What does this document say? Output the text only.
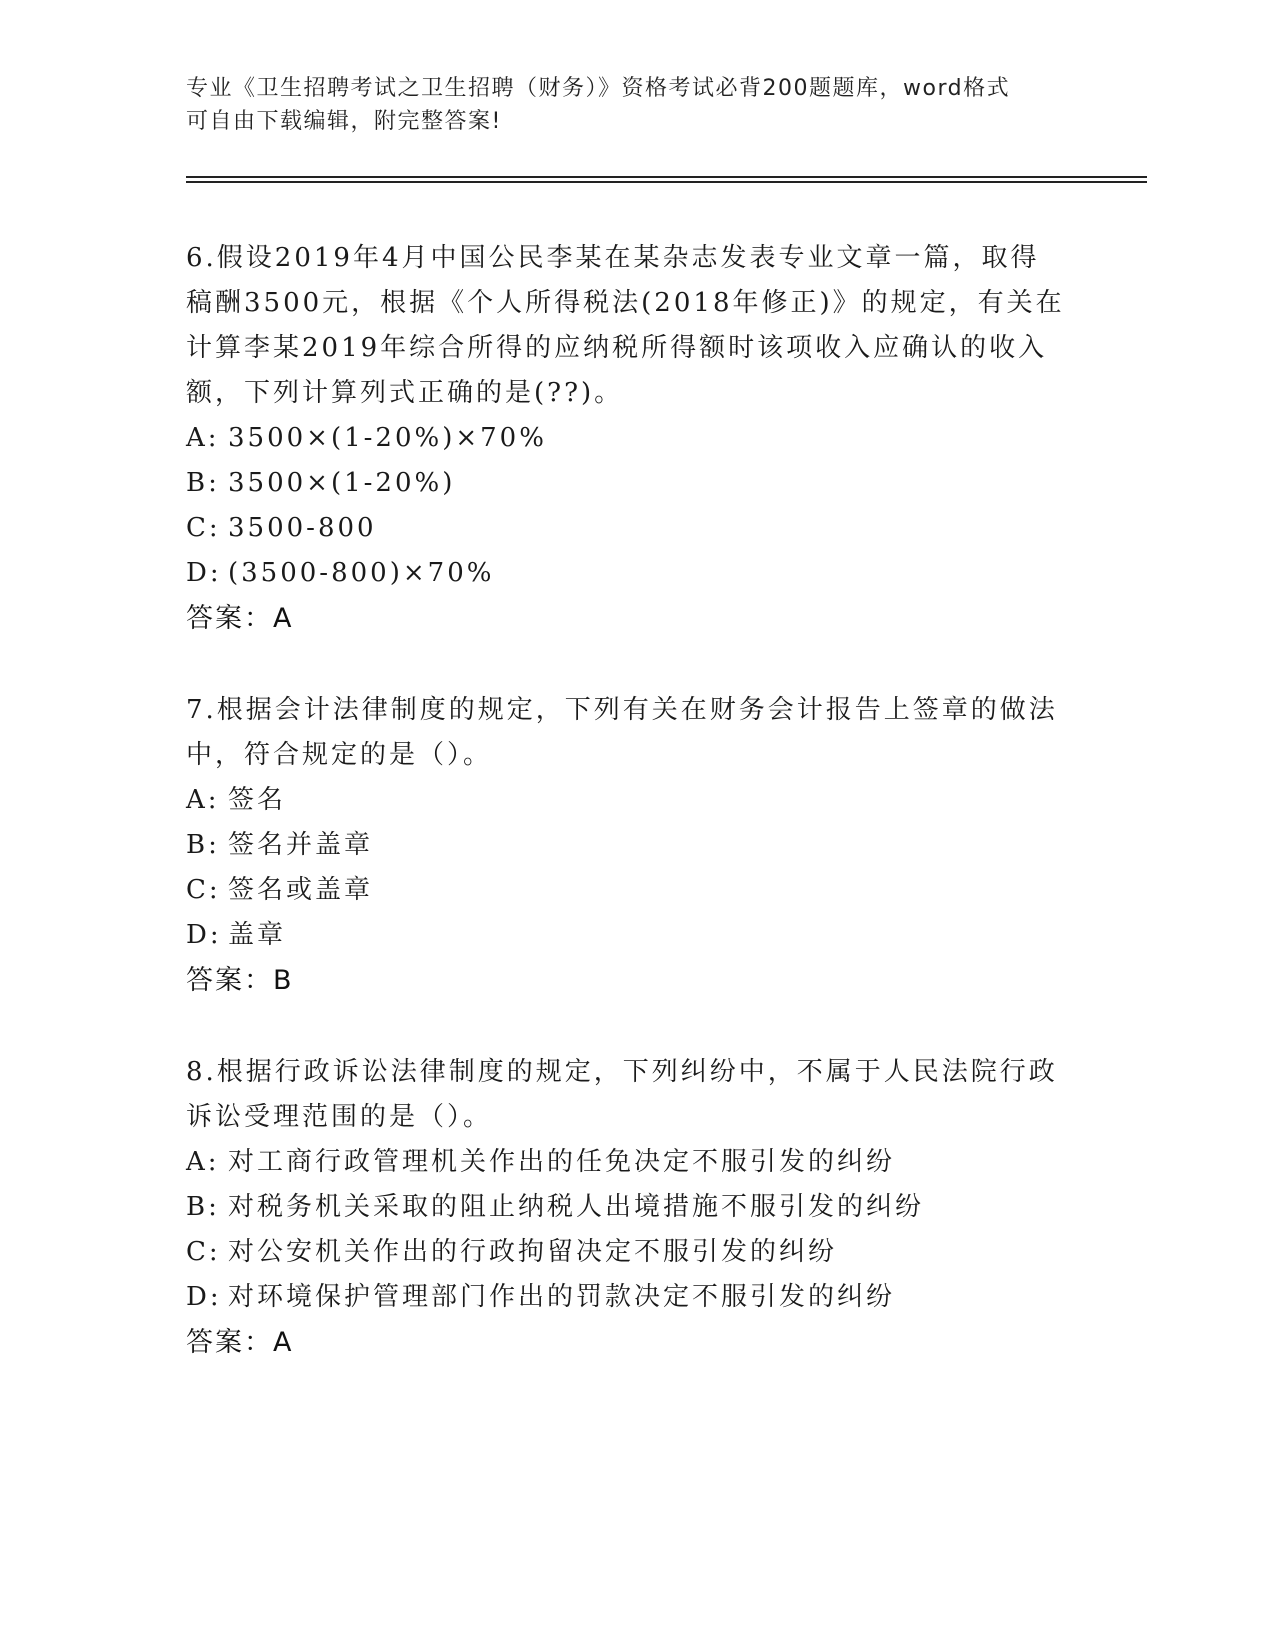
专业《卫生招聘考试之卫生招聘（财务）》资格考试必背200题题库，word格式
可自由下载编辑，附完整答案!
6.假设2019年4月中国公民李某在某杂志发表专业文章一篇，取得稿酬3500元，根据《个人所得税法(2018年修正)》的规定，有关在计算李某2019年综合所得的应纳税所得额时该项收入应确认的收入额，下列计算列式正确的是(??)。
A: 3500×(1-20%)×70%
B: 3500×(1-20%)
C: 3500-800
D: (3500-800)×70%
答案： A
7.根据会计法律制度的规定，下列有关在财务会计报告上签章的做法中，符合规定的是（）。
A: 签名
B: 签名并盖章
C: 签名或盖章
D: 盖章
答案： B
8.根据行政诉讼法律制度的规定，下列纠纷中，不属于人民法院行政诉讼受理范围的是（）。
A: 对工商行政管理机关作出的任免决定不服引发的纠纷
B: 对税务机关采取的阻止纳税人出境措施不服引发的纠纷
C: 对公安机关作出的行政拘留决定不服引发的纠纷
D: 对环境保护管理部门作出的罚款决定不服引发的纠纷
答案： A
